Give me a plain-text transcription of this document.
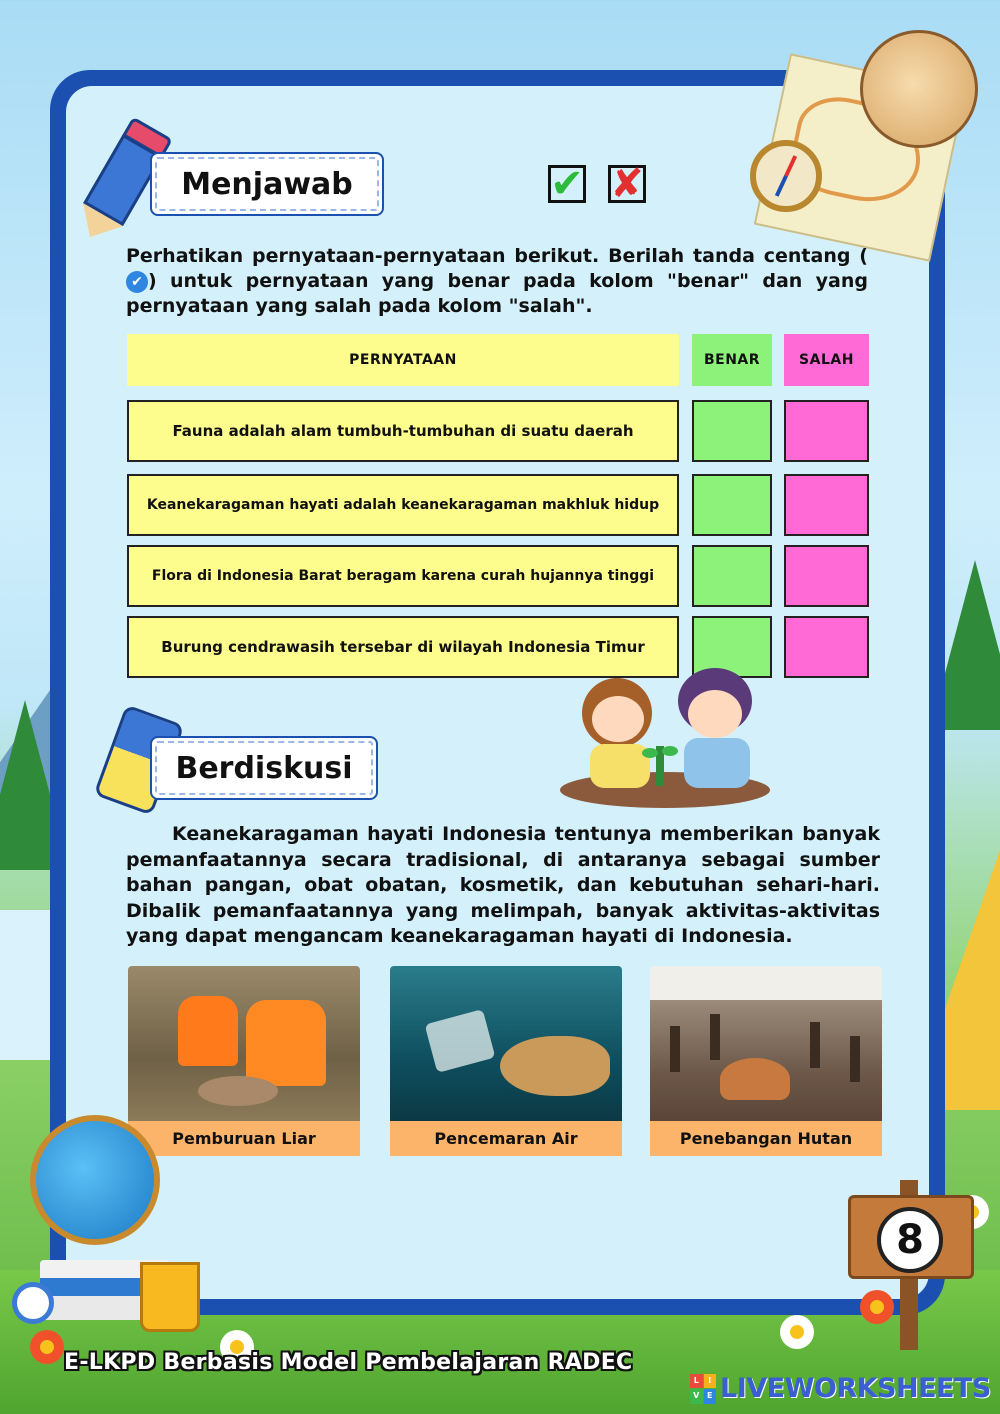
Menjawab	✔ ✘

Perhatikan pernyataan-pernyataan berikut. Berilah tanda centang (✔ ) untuk pernyataan yang benar pada kolom "benar" dan yang pernyataan yang salah pada kolom "salah".

PERNYATAAN	BENAR	SALAH
Fauna adalah alam tumbuh-tumbuhan di suatu daerah
Keanekaragaman hayati adalah keanekaragaman makhluk hidup
Flora di Indonesia Barat beragam karena curah hujannya tinggi
Burung cendrawasih tersebar di wilayah Indonesia Timur
Berdiskusi

Keanekaragaman hayati Indonesia tentunya memberikan banyak pemanfaatannya secara tradisional, di antaranya sebagai sumber bahan pangan, obat obatan, kosmetik, dan kebutuhan sehari-hari. Dibalik pemanfaatannya yang melimpah, banyak aktivitas-aktivitas yang dapat mengancam keanekaragaman hayati di Indonesia.

Pemburuan Liar	Pencemaran Air	Penebangan Hutan
8
E-LKPD Berbasis Model Pembelajaran RADEC
L	I
V E LIVEWORKSHEETS
